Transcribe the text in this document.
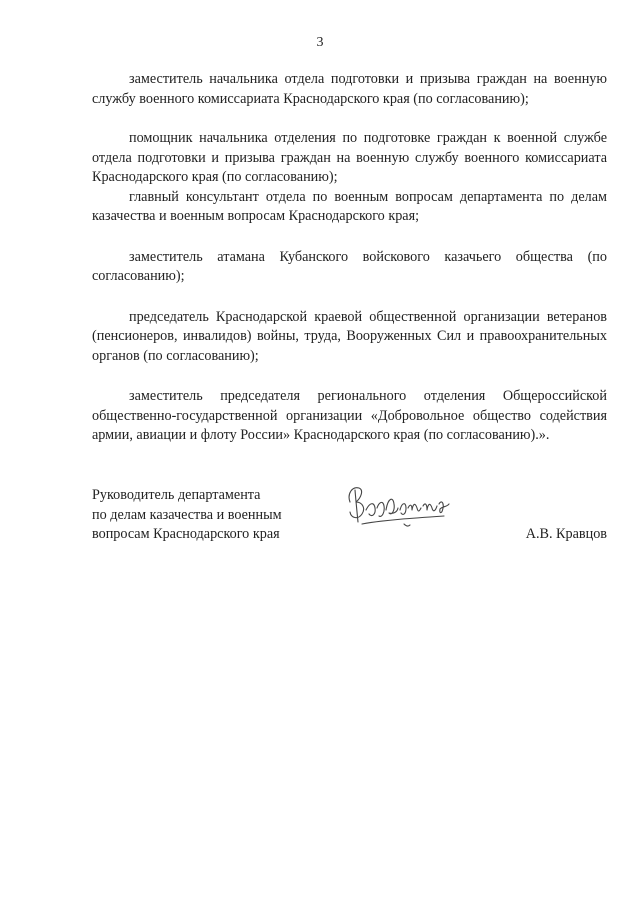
3

заместитель начальника отдела подготовки и призыва граждан на военную службу военного комиссариата Краснодарского края (по согласованию);

помощник начальника отделения по подготовке граждан к военной службе отдела подготовки и призыва граждан на военную службу военного комиссариата Краснодарского края (по согласованию);

главный консультант отдела по военным вопросам департамента по делам казачества и военным вопросам Краснодарского края;

заместитель атамана Кубанского войскового казачьего общества (по согласованию);

председатель Краснодарской краевой общественной организации ветеранов (пенсионеров, инвалидов) войны, труда, Вооруженных Сил и правоохранительных органов (по согласованию);

заместитель председателя регионального отделения Общероссийской общественно-государственной организации «Добровольное общество содействия армии, авиации и флоту России» Краснодарского края (по согласованию).».

Руководитель департамента
по делам казачества и военным
вопросам Краснодарского края	А.В. Кравцов
